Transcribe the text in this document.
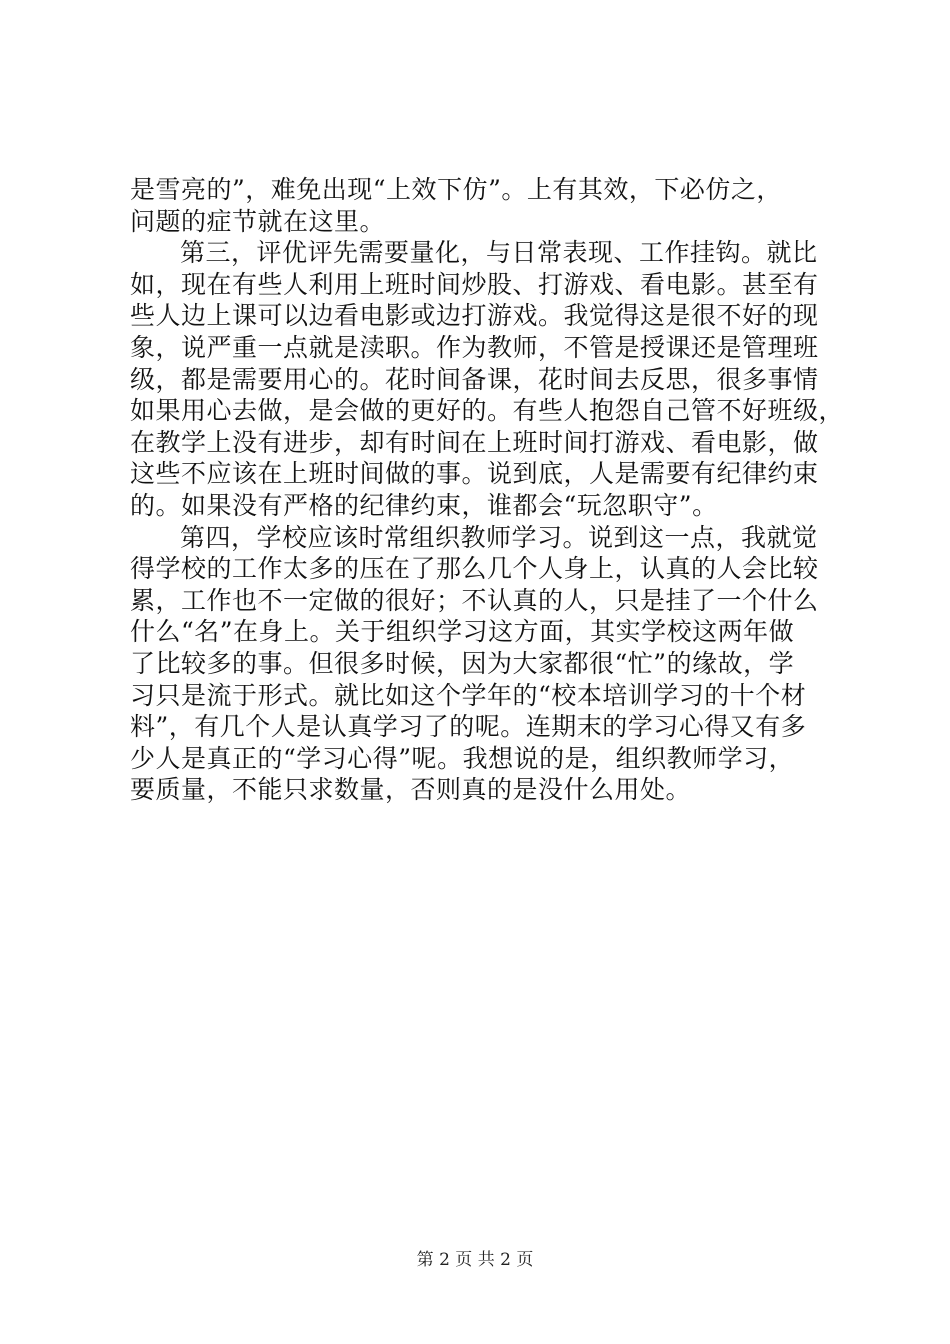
是雪亮的”，难免出现“上效下仿”。上有其效，下必仿之，
问题的症节就在这里。
第三，评优评先需要量化，与日常表现、工作挂钩。就比
如，现在有些人利用上班时间炒股、打游戏、看电影。甚至有
些人边上课可以边看电影或边打游戏。我觉得这是很不好的现
象，说严重一点就是渎职。作为教师，不管是授课还是管理班
级，都是需要用心的。花时间备课，花时间去反思，很多事情
如果用心去做，是会做的更好的。有些人抱怨自己管不好班级，
在教学上没有进步，却有时间在上班时间打游戏、看电影，做
这些不应该在上班时间做的事。说到底，人是需要有纪律约束
的。如果没有严格的纪律约束，谁都会“玩忽职守”。
第四，学校应该时常组织教师学习。说到这一点，我就觉
得学校的工作太多的压在了那么几个人身上，认真的人会比较
累，工作也不一定做的很好；不认真的人，只是挂了一个什么
什么“名”在身上。关于组织学习这方面，其实学校这两年做
了比较多的事。但很多时候，因为大家都很“忙”的缘故，学
习只是流于形式。就比如这个学年的“校本培训学习的十个材
料”，有几个人是认真学习了的呢。连期末的学习心得又有多
少人是真正的“学习心得”呢。我想说的是，组织教师学习，
要质量，不能只求数量，否则真的是没什么用处。
第 2 页 共 2 页
